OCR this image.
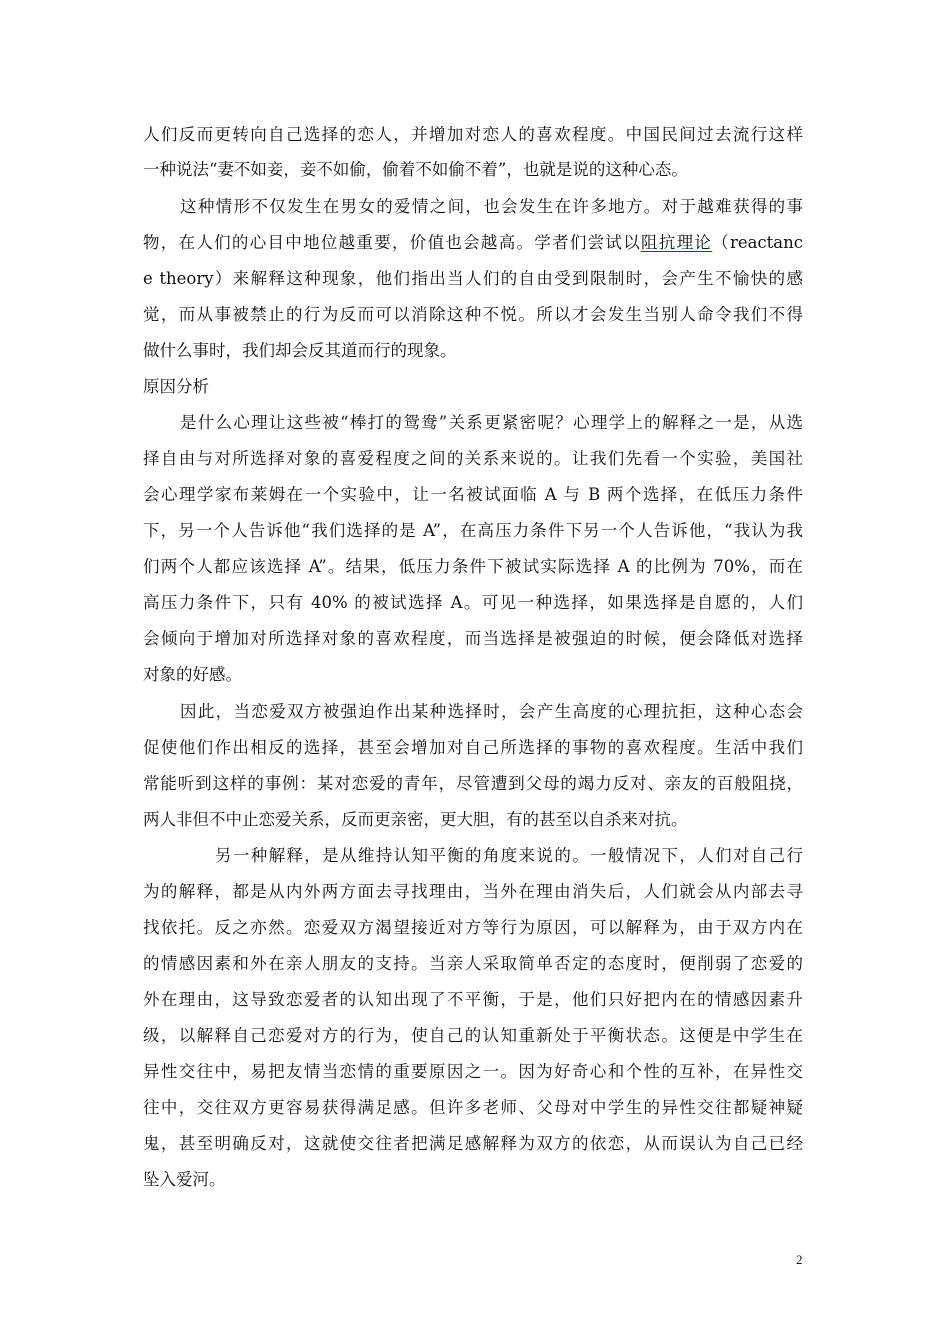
人们反而更转向自己选择的恋人，并增加对恋人的喜欢程度。中国民间过去流行这样
一种说法“妻不如妾，妾不如偷，偷着不如偷不着”，也就是说的这种心态。
这种情形不仅发生在男女的爱情之间，也会发生在许多地方。对于越难获得的事
物，在人们的心目中地位越重要，价值也会越高。学者们尝试以阻抗理论（reactanc
e theory）来解释这种现象，他们指出当人们的自由受到限制时，会产生不愉快的感
觉，而从事被禁止的行为反而可以消除这种不悦。所以才会发生当别人命令我们不得
做什么事时，我们却会反其道而行的现象。
原因分析
是什么心理让这些被“棒打的鸳鸯”关系更紧密呢？心理学上的解释之一是，从选
择自由与对所选择对象的喜爱程度之间的关系来说的。让我们先看一个实验，美国社
会心理学家布莱姆在一个实验中，让一名被试面临 A 与 B 两个选择，在低压力条件
下，另一个人告诉他“我们选择的是 A”，在高压力条件下另一个人告诉他，“我认为我
们两个人都应该选择 A”。结果，低压力条件下被试实际选择 A 的比例为 70%，而在
高压力条件下，只有 40% 的被试选择 A。可见一种选择，如果选择是自愿的，人们
会倾向于增加对所选择对象的喜欢程度，而当选择是被强迫的时候，便会降低对选择
对象的好感。
因此，当恋爱双方被强迫作出某种选择时，会产生高度的心理抗拒，这种心态会
促使他们作出相反的选择，甚至会增加对自己所选择的事物的喜欢程度。生活中我们
常能听到这样的事例：某对恋爱的青年，尽管遭到父母的竭力反对、亲友的百般阻挠，
两人非但不中止恋爱关系，反而更亲密，更大胆，有的甚至以自杀来对抗。
另一种解释，是从维持认知平衡的角度来说的。一般情况下，人们对自己行
为的解释，都是从内外两方面去寻找理由，当外在理由消失后，人们就会从内部去寻
找依托。反之亦然。恋爱双方渴望接近对方等行为原因，可以解释为，由于双方内在
的情感因素和外在亲人朋友的支持。当亲人采取简单否定的态度时，便削弱了恋爱的
外在理由，这导致恋爱者的认知出现了不平衡，于是，他们只好把内在的情感因素升
级，以解释自己恋爱对方的行为，使自己的认知重新处于平衡状态。这便是中学生在
异性交往中，易把友情当恋情的重要原因之一。因为好奇心和个性的互补，在异性交
往中，交往双方更容易获得满足感。但许多老师、父母对中学生的异性交往都疑神疑
鬼，甚至明确反对，这就使交往者把满足感解释为双方的依恋，从而误认为自己已经
坠入爱河。
2
